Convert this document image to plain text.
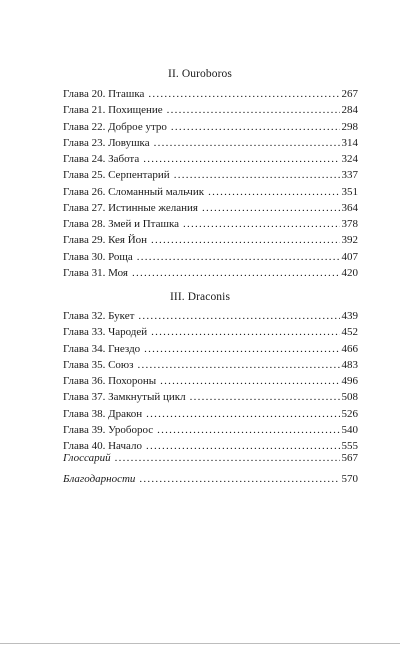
II. Ouroboros
Глава 20. Пташка . . .	267
Глава 21. Похищение . . .	284
Глава 22. Доброе утро . . .	298
Глава 23. Ловушка . . .	314
Глава 24. Забота . . .	324
Глава 25. Серпентарий . . .	337
Глава 26. Сломанный мальчик . . .	351
Глава 27. Истинные желания . . .	364
Глава 28. Змей и Пташка . . .	378
Глава 29. Кея Йон . . .	392
Глава 30. Роща . . .	407
Глава 31. Моя . . .	420
III. Draconis
Глава 32. Букет . . .	439
Глава 33. Чародей . . .	452
Глава 34. Гнездо . . .	466
Глава 35. Союз . . .	483
Глава 36. Похороны . . .	496
Глава 37. Замкнутый цикл . . .	508
Глава 38. Дракон . . .	526
Глава 39. Уроборос . . .	540
Глава 40. Начало . . .	555
Глоссарий . . .	567
Благодарности . . .	570
